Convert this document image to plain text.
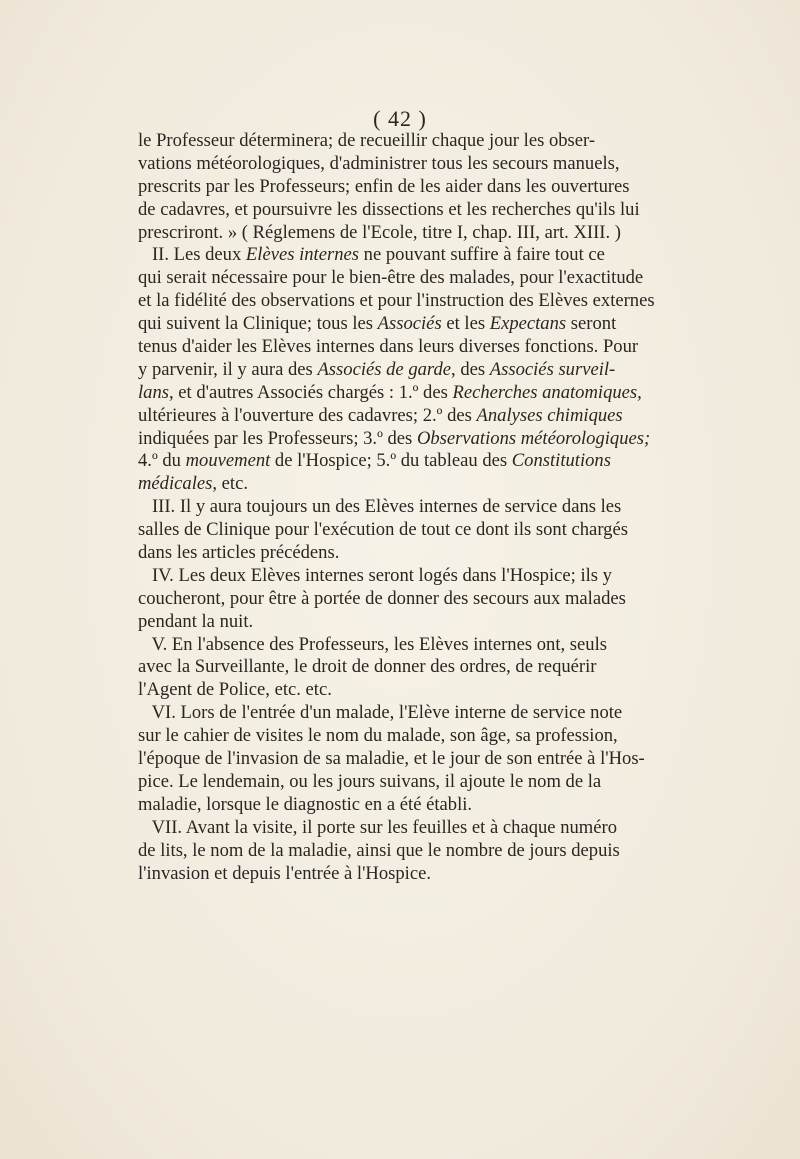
( 42 )
le Professeur déterminera; de recueillir chaque jour les obser-
vations météorologiques, d'administrer tous les secours manuels,
prescrits par les Professeurs; enfin de les aider dans les ouvertures
de cadavres, et poursuivre les dissections et les recherches qu'ils lui
prescriront. » ( Réglemens de l'Ecole, titre I, chap. III, art. XIII. )
II. Les deux Elèves internes ne pouvant suffire à faire tout ce
qui serait nécessaire pour le bien-être des malades, pour l'exactitude
et la fidélité des observations et pour l'instruction des Elèves externes
qui suivent la Clinique; tous les Associés et les Expectans seront
tenus d'aider les Elèves internes dans leurs diverses fonctions. Pour
y parvenir, il y aura des Associés de garde, des Associés surveil-
lans, et d'autres Associés chargés : 1.º des Recherches anatomiques,
ultérieures à l'ouverture des cadavres; 2.º des Analyses chimiques
indiquées par les Professeurs; 3.º des Observations météorologiques;
4.º du mouvement de l'Hospice; 5.º du tableau des Constitutions
médicales, etc.
III. Il y aura toujours un des Elèves internes de service dans les
salles de Clinique pour l'exécution de tout ce dont ils sont chargés
dans les articles précédens.
IV. Les deux Elèves internes seront logés dans l'Hospice; ils y
coucheront, pour être à portée de donner des secours aux malades
pendant la nuit.
V. En l'absence des Professeurs, les Elèves internes ont, seuls
avec la Surveillante, le droit de donner des ordres, de requérir
l'Agent de Police, etc. etc.
VI. Lors de l'entrée d'un malade, l'Elève interne de service note
sur le cahier de visites le nom du malade, son âge, sa profession,
l'époque de l'invasion de sa maladie, et le jour de son entrée à l'Hos-
pice. Le lendemain, ou les jours suivans, il ajoute le nom de la
maladie, lorsque le diagnostic en a été établi.
VII. Avant la visite, il porte sur les feuilles et à chaque numéro
de lits, le nom de la maladie, ainsi que le nombre de jours depuis
l'invasion et depuis l'entrée à l'Hospice.
